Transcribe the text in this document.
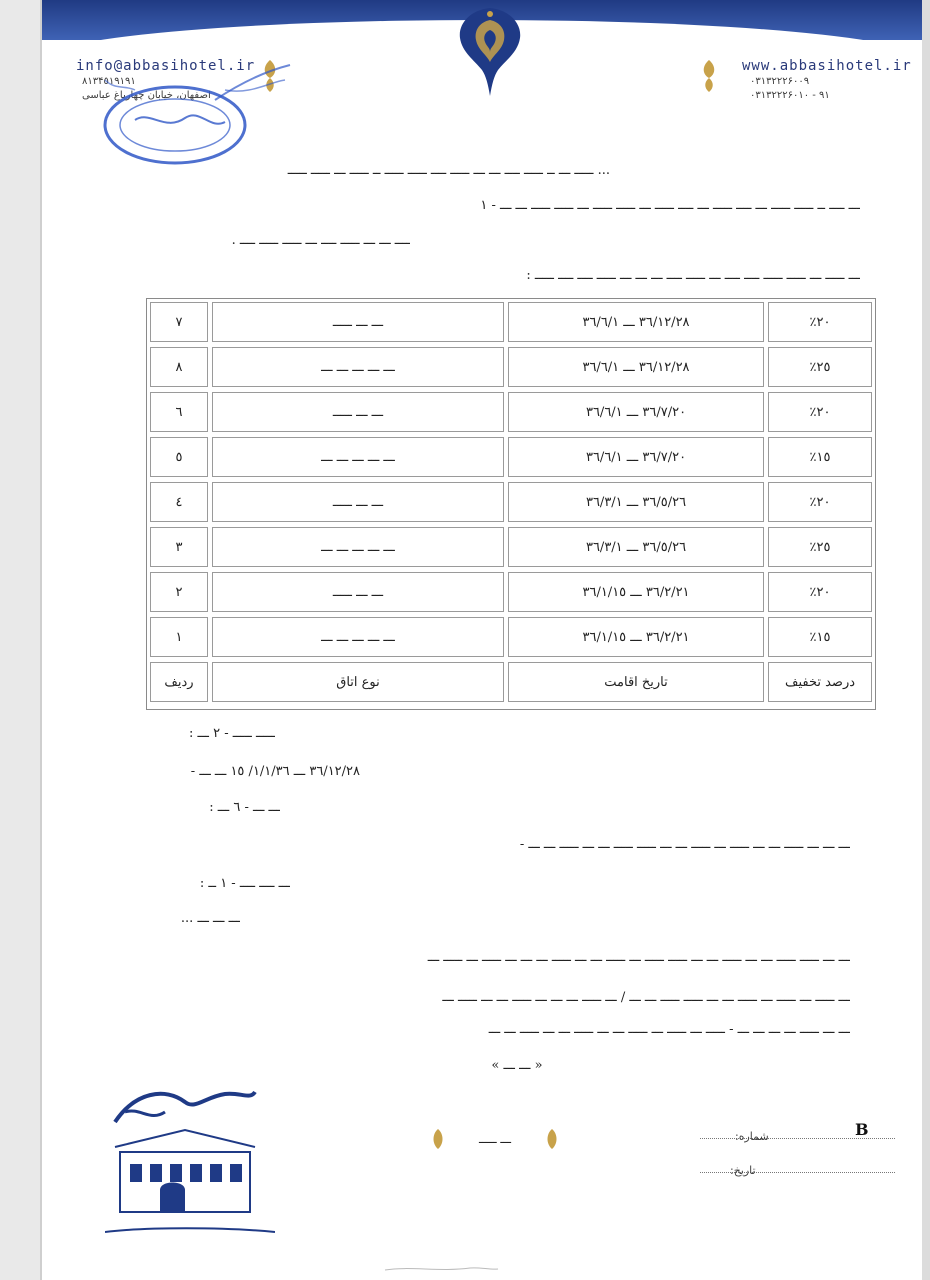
info@abbasihotel.ir	www.abbasihotel.ir
٨١٣۴٥١٩١٩١
اصفهان، خیابان چهارباغ عباسی
۰۳۱۳۲۲۲۶۰۰۹
۰۳۱۳۲۲۲۶۰۱۰ - ۹۱
... ـــــ ـــ ــ ـــــ ــــ ـــ ـــ ـــــ ــــ ـــــ ـــــ ــ ـــــ ـــ ـــــ ـــــ
ـــ ــــ ــ ـــــ ـــــ ـــ ــــ ـــــ ـــ ــــ ـــــ ـــ ـــــ ـــــ ـــ ـــــ ـــــ ـــ ـــ - ١
ــــ ـــ ـــ ـــــ ــــ ـــ ـــــ ـــــ ــــ .
ـــ ـــــ ـــ ـــــ ـــــ ــــ ــــ ـــ ـــــ ــــ ـــ ـــ ـــ ـــــ ــــ ــــ ـــــ :
٧	ـــ ـــ ـــــ	٣٦/١٢/٢٨ ـــ ٣٦/٦/١	٢٠٪
٨	ـــ ـــ ـــ ـــ ـــ	٣٦/١٢/٢٨ ـــ ٣٦/٦/١	٢٥٪
٦	ـــ ـــ ـــــ	٣٦/٧/٢٠ ـــ ٣٦/٦/١	٢٠٪
٥	ـــ ـــ ـــ ـــ ـــ	٣٦/٧/٢٠ ـــ ٣٦/٦/١	١٥٪
٤	ـــ ـــ ـــــ	٣٦/٥/٢٦ ـــ ٣٦/٣/١	٢٠٪
٣	ـــ ـــ ـــ ـــ ـــ	٣٦/٥/٢٦ ـــ ٣٦/٣/١	٢٥٪
٢	ـــ ـــ ـــــ	٣٦/٢/٢١ ـــ ٣٦/١/١٥	٢٠٪
١	ـــ ـــ ـــ ـــ ـــ	٣٦/٢/٢١ ـــ ٣٦/١/١٥	١٥٪
ردیف	نوع اتاق	تاریخ اقامت	درصد تخفیف
ـــــ ـــــ - ٢ ـــ :
٣٦/١٢/٢٨ ـــ ١/١/٣٦/ ١٥ ـــ ـــ -
ـــ ـــ - ٦ ـــ :
ـــ ـــ ـــ ـــــ ـــ ـــ ـــــ ـــ ـــــ ـــ ـــ ـــــ ـــــ ـــ ـــ ـــــ ـــ ـــ -
ـــ ــــ ــــ - ١ ــ :
ـــ ـــ ـــ ...
ـــ ـــ ـــــ ـــــ ـــ ـــ ـــــ ـــ ـــ ـــــ ـــــ ـــ ـــــ ـــ ـــ ـــــ ـــ ـــ ـــ ـــــ ـــ ـــــ ـــ
ـــ ـــــ ـــ ـــــ ـــ ـــــ ـــ ـــ ـــــ ـــــ ـــ ـــ / ـــ ـــــ ـــ ـــ ـــ ـــــ ـــ ـــ ـــــ ـــ
ـــ ـــ ـــــ ـــ ـــ ـــ ـــ - ـــــ ـــ ـــــ ـــ ـــــ ـــ ـــ ـــــ ـــ ـــ ـــــ ـــ ـــ
« ـــ ـــ »
ـــ ـــــ	B
شماره:
تاریخ:
